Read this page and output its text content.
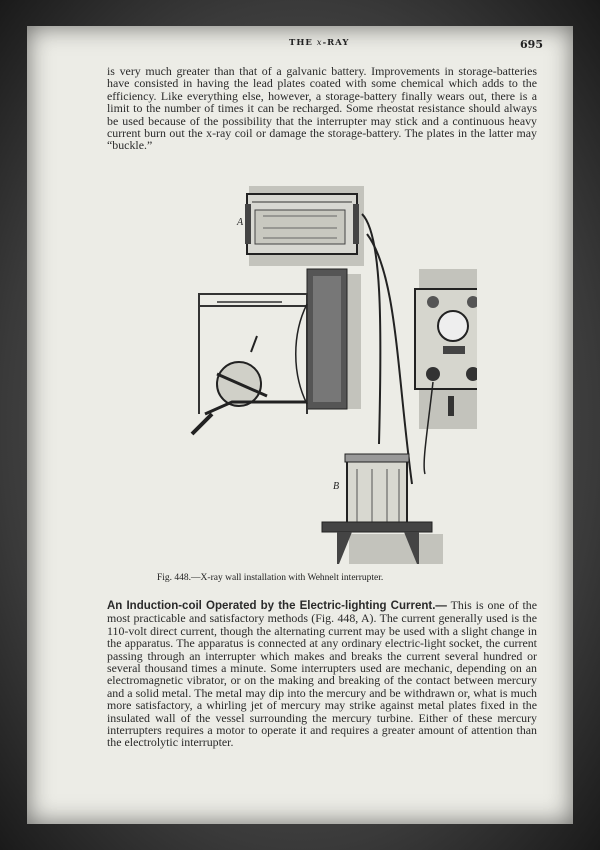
THE x-RAY	695
is very much greater than that of a galvanic battery. Improvements in storage-batteries have consisted in having the lead plates coated with some chemical which adds to the efficiency. Like everything else, however, a storage-battery finally wears out, there is a limit to the number of times it can be recharged. Some rheostat resistance should always be used because of the possibility that the interrupter may stick and a continuous heavy current burn out the x-ray coil or damage the storage-battery. The plates in the latter may “buckle.”
A
B
Fig. 448.—X-ray wall installation with Wehnelt interrupter.
An Induction-coil Operated by the Electric-lighting Current.— This is one of the most practicable and satisfactory methods (Fig. 448, A). The current generally used is the 110-volt direct current, though the alternating current may be used with a slight change in the apparatus. The apparatus is connected at any ordinary electric-light socket, the current passing through an interrupter which makes and breaks the current several hundred or several thousand times a minute. Some interrupters used are mechanic, depending on an electromagnetic vibrator, or on the making and breaking of the contact between mercury and a solid metal. The metal may dip into the mercury and be withdrawn or, what is much more satisfactory, a whirling jet of mercury may strike against metal plates fixed in the insulated wall of the vessel surrounding the mercury turbine. Either of these mercury interrupters requires a motor to operate it and requires a greater amount of attention than the electrolytic interrupter.
